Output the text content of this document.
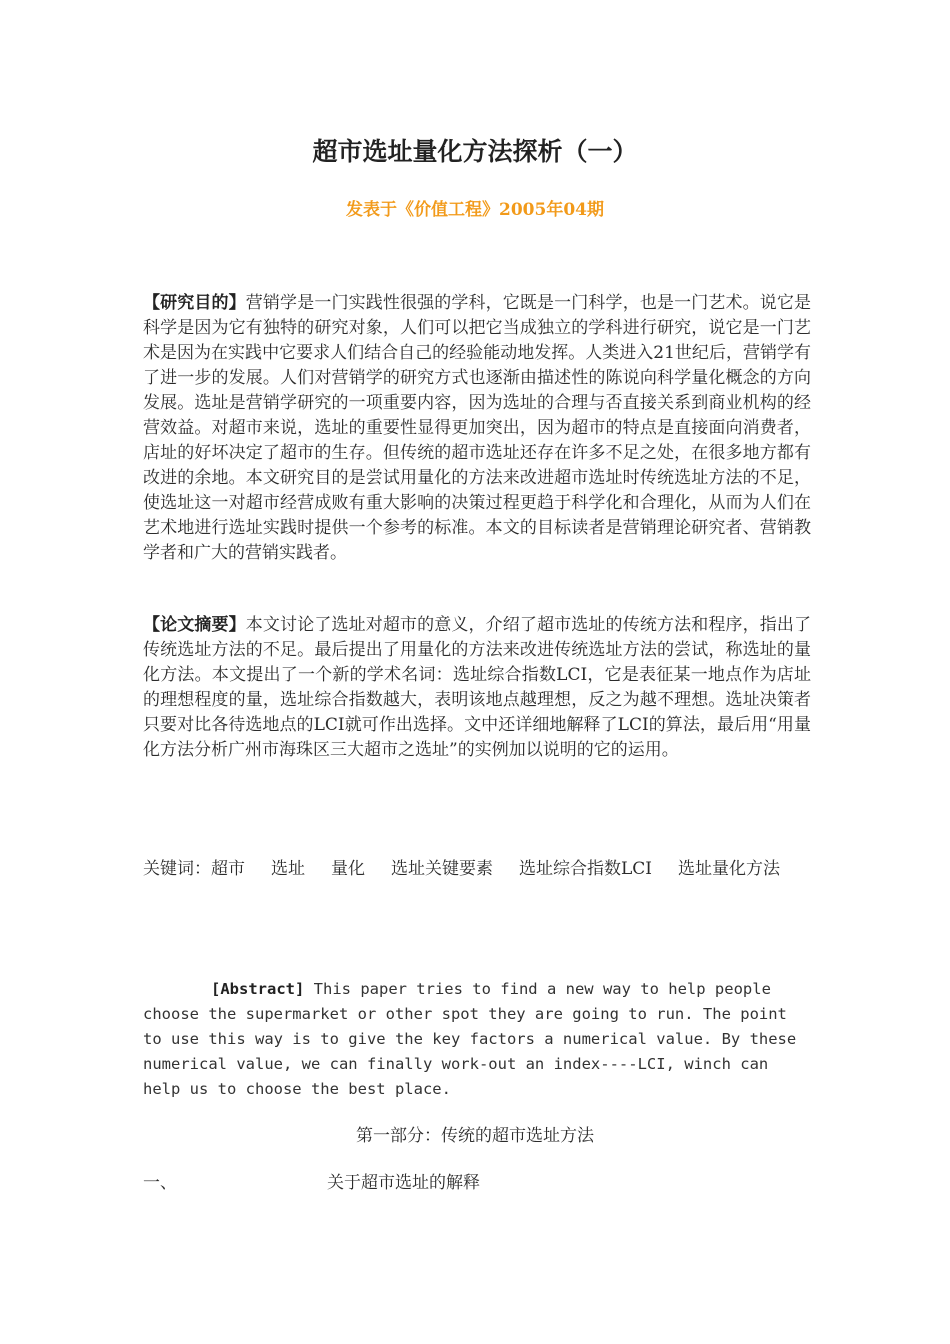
超市选址量化方法探析（一）
发表于《价值工程》2005年04期
【研究目的】营销学是一门实践性很强的学科，它既是一门科学，也是一门艺术。说它是科学是因为它有独特的研究对象，人们可以把它当成独立的学科进行研究，说它是一门艺术是因为在实践中它要求人们结合自己的经验能动地发挥。人类进入21世纪后，营销学有了进一步的发展。人们对营销学的研究方式也逐渐由描述性的陈说向科学量化概念的方向发展。选址是营销学研究的一项重要内容，因为选址的合理与否直接关系到商业机构的经营效益。对超市来说，选址的重要性显得更加突出，因为超市的特点是直接面向消费者，店址的好坏决定了超市的生存。但传统的超市选址还存在许多不足之处，在很多地方都有改进的余地。本文研究目的是尝试用量化的方法来改进超市选址时传统选址方法的不足，使选址这一对超市经营成败有重大影响的决策过程更趋于科学化和合理化，从而为人们在艺术地进行选址实践时提供一个参考的标准。本文的目标读者是营销理论研究者、营销教学者和广大的营销实践者。
【论文摘要】本文讨论了选址对超市的意义，介绍了超市选址的传统方法和程序，指出了传统选址方法的不足。最后提出了用量化的方法来改进传统选址方法的尝试，称选址的量化方法。本文提出了一个新的学术名词：选址综合指数LCI，它是表征某一地点作为店址的理想程度的量，选址综合指数越大，表明该地点越理想，反之为越不理想。选址决策者只要对比各待选地点的LCI就可作出选择。文中还详细地解释了LCI的算法，最后用“用量化方法分析广州市海珠区三大超市之选址”的实例加以说明的它的运用。
关键词：超市 选址 量化 选址关键要素 选址综合指数LCI 选址量化方法
[Abstract] This paper tries to find a new way to help people choose the supermarket or other spot they are going to run. The point to use this way is to give the key factors a numerical value. By these numerical value, we can finally work-out an index----LCI, winch can help us to choose the best place.
第一部分：传统的超市选址方法
一、	关于超市选址的解释
